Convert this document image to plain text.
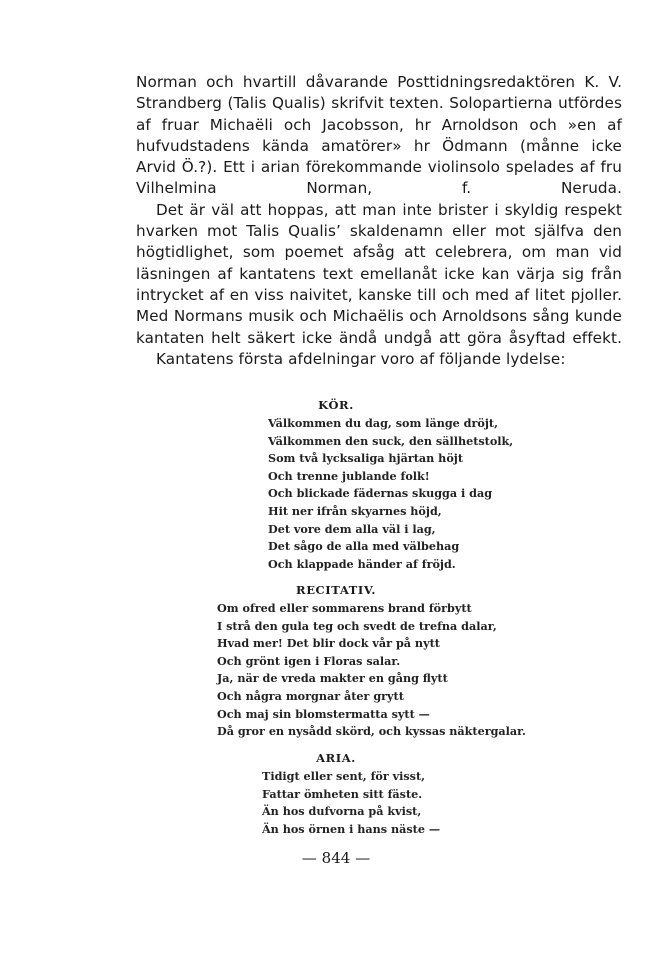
Norman och hvartill dåvarande Posttidningsredaktören K. V. Strandberg (Talis Qualis) skrifvit texten. Solopartierna utfördes af fruar Michaëli och Jacobsson, hr Arnoldson och »en af hufvudstadens kända amatörer» hr Ödmann (månne icke Arvid Ö.?). Ett i arian förekommande violinsolo spelades af fru Vilhelmina Norman, f. Neruda.

Det är väl att hoppas, att man inte brister i skyldig respekt hvarken mot Talis Qualis’ skaldenamn eller mot själfva den högtidlighet, som poemet afsåg att celebrera, om man vid läsningen af kantatens text emellanåt icke kan värja sig från intrycket af en viss naivitet, kanske till och med af litet pjoller. Med Normans musik och Michaëlis och Arnoldsons sång kunde kantaten helt säkert icke ändå undgå att göra åsyftad effekt.

Kantatens första afdelningar voro af följande lydelse:

KÖR.
Välkommen du dag, som länge dröjt,
Välkommen den suck, den sällhetstolk,
Som två lycksaliga hjärtan höjt
Och trenne jublande folk!
Och blickade fädernas skugga i dag
Hit ner ifrån skyarnes höjd,
Det vore dem alla väl i lag,
Det sågo de alla med välbehag
Och klappade händer af fröjd.
RECITATIV.
Om ofred eller sommarens brand förbytt
I strå den gula teg och svedt de trefna dalar,
Hvad mer! Det blir dock vår på nytt
Och grönt igen i Floras salar.
Ja, när de vreda makter en gång flytt
Och några morgnar åter grytt
Och maj sin blomstermatta sytt —
Då gror en nysådd skörd, och kyssas näktergalar.
ARIA.
Tidigt eller sent, för visst,
Fattar ömheten sitt fäste.
Än hos dufvorna på kvist,
Än hos örnen i hans näste —

— 844 —
